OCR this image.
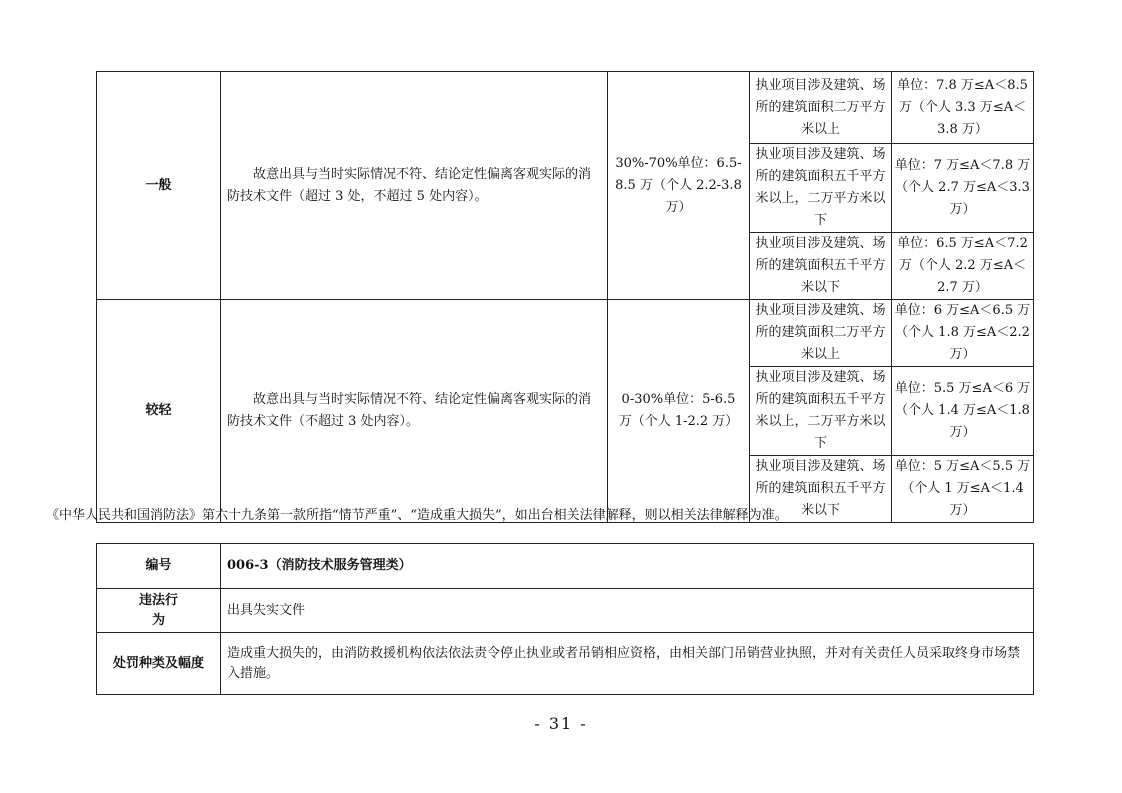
一般	故意出具与当时实际情况不符、结论定性偏离客观实际的消防技术文件（超过 3 处，不超过 5 处内容）。	30%-70%单位：6.5-8.5 万（个人 2.2-3.8 万）	执业项目涉及建筑、场所的建筑面积二万平方米以上	单位：7.8 万≤A＜8.5 万（个人 3.3 万≤A＜3.8 万）
			执业项目涉及建筑、场所的建筑面积五千平方米以上，二万平方米以下	单位：7 万≤A＜7.8 万（个人 2.7 万≤A＜3.3 万）
			执业项目涉及建筑、场所的建筑面积五千平方米以下	单位：6.5 万≤A＜7.2 万（个人 2.2 万≤A＜2.7 万）
较轻	故意出具与当时实际情况不符、结论定性偏离客观实际的消防技术文件（不超过 3 处内容）。	0-30%单位：5-6.5 万（个人 1-2.2 万）	执业项目涉及建筑、场所的建筑面积二万平方米以上	单位：6 万≤A＜6.5 万（个人 1.8 万≤A＜2.2 万）
			执业项目涉及建筑、场所的建筑面积五千平方米以上，二万平方米以下	单位：5.5 万≤A＜6 万（个人 1.4 万≤A＜1.8 万）
			执业项目涉及建筑、场所的建筑面积五千平方米以下	单位：5 万≤A＜5.5 万（个人 1 万≤A＜1.4 万）
《中华人民共和国消防法》第六十九条第一款所指“情节严重”、“造成重大损失”，如出台相关法律解释，则以相关法律解释为准。
编号	006-3（消防技术服务管理类）
违法行为	出具失实文件
处罚种类及幅度	造成重大损失的，由消防救援机构依法依法责令停止执业或者吊销相应资格，由相关部门吊销营业执照，并对有关责任人员采取终身市场禁入措施。
- 31 -
